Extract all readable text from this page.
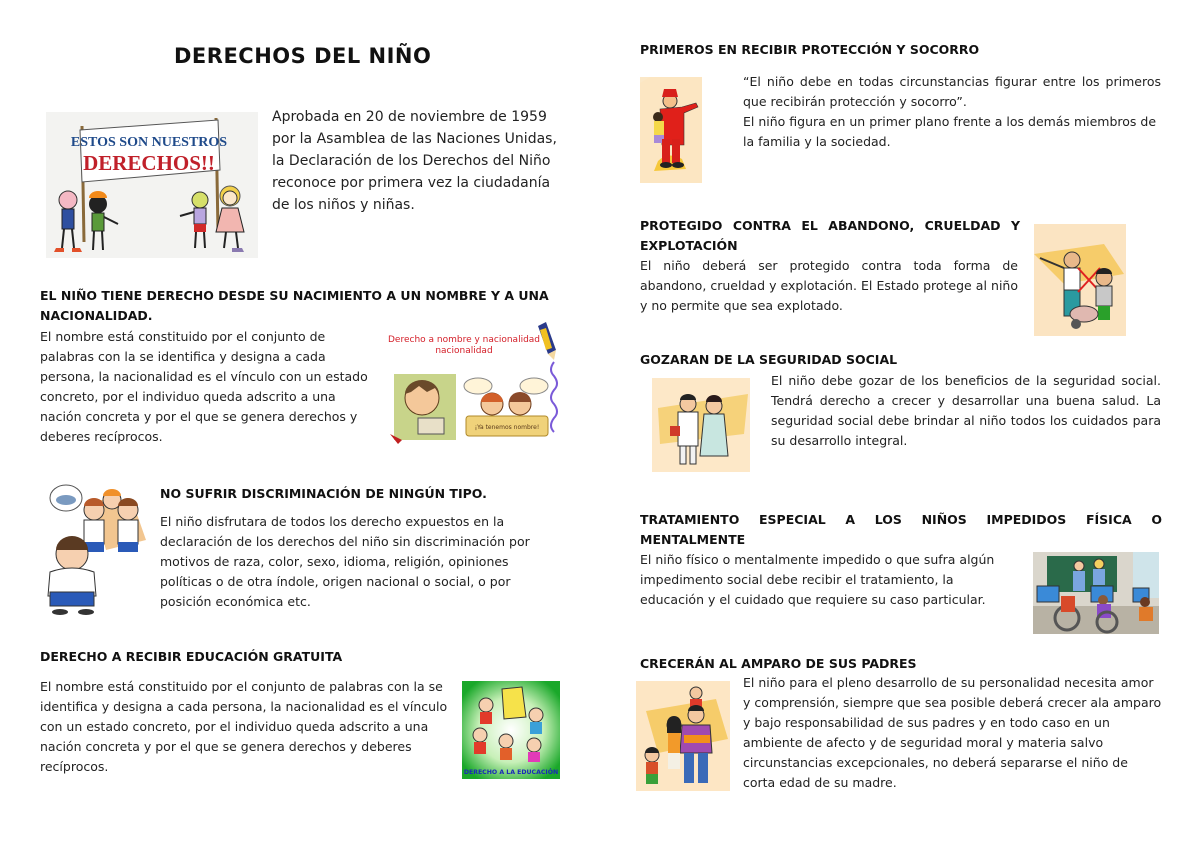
DERECHOS DEL NIÑO
ESTOS SON NUESTROS
DERECHOS!!
Aprobada en 20 de noviembre de 1959 por la Asamblea de las Naciones Unidas, la Declaración de los Derechos del Niño reconoce por primera vez la ciudadanía de los niños y niñas.
EL NIÑO TIENE DERECHO DESDE SU NACIMIENTO A UN NOMBRE Y A UNA NACIONALIDAD.
El nombre está constituido por el conjunto de palabras con la se identifica y designa a cada persona, la nacionalidad es el vínculo con un estado concreto, por el individuo queda adscrito a una nación concreta y por el que se genera derechos y deberes recíprocos.
Derecho a nombre y nacionalidad
nacionalidad
¡Ya tenemos nombre!
NO SUFRIR DISCRIMINACIÓN DE NINGÚN TIPO.
El niño disfrutara de todos los derecho expuestos en la declaración de los derechos del niño sin discriminación por motivos de raza, color, sexo, idioma, religión, opiniones políticas o de otra índole, origen nacional o social, o por posición económica etc.
DERECHO A RECIBIR EDUCACIÓN GRATUITA
El nombre está constituido por el conjunto de palabras con la se identifica y designa a cada persona, la nacionalidad es el vínculo con un estado concreto, por el individuo queda adscrito a una nación concreta y por el que se genera derechos y deberes recíprocos.	DERECHO A LA EDUCACIÓN
PRIMEROS EN RECIBIR PROTECCIÓN Y SOCORRO
“El niño debe en todas circunstancias figurar entre los primeros que recibirán protección y socorro”.
El niño figura en un primer plano frente a los demás miembros de la familia y la sociedad.
PROTEGIDO CONTRA EL ABANDONO, CRUELDAD Y EXPLOTACIÓN
El niño deberá ser protegido contra toda forma de abandono, crueldad y explotación. El Estado protege al niño y no permite que sea explotado.
GOZARAN DE LA SEGURIDAD SOCIAL
El niño debe gozar de los beneficios de la seguridad social. Tendrá derecho a crecer y desarrollar una buena salud. La seguridad social debe brindar al niño todos los cuidados para su desarrollo integral.
TRATAMIENTO ESPECIAL A LOS NIÑOS IMPEDIDOS FÍSICA O MENTALMENTE
El niño físico o mentalmente impedido o que sufra algún impedimento social debe recibir el tratamiento, la educación y el cuidado que requiere su caso particular.
CRECERÁN AL AMPARO DE SUS PADRES
El niño para el pleno desarrollo de su personalidad necesita amor y comprensión, siempre que sea posible deberá crecer ala amparo y bajo responsabilidad de sus padres y en todo caso en un ambiente de afecto y de seguridad moral y materia salvo circunstancias excepcionales, no deberá separarse el niño de corta edad de su madre.
